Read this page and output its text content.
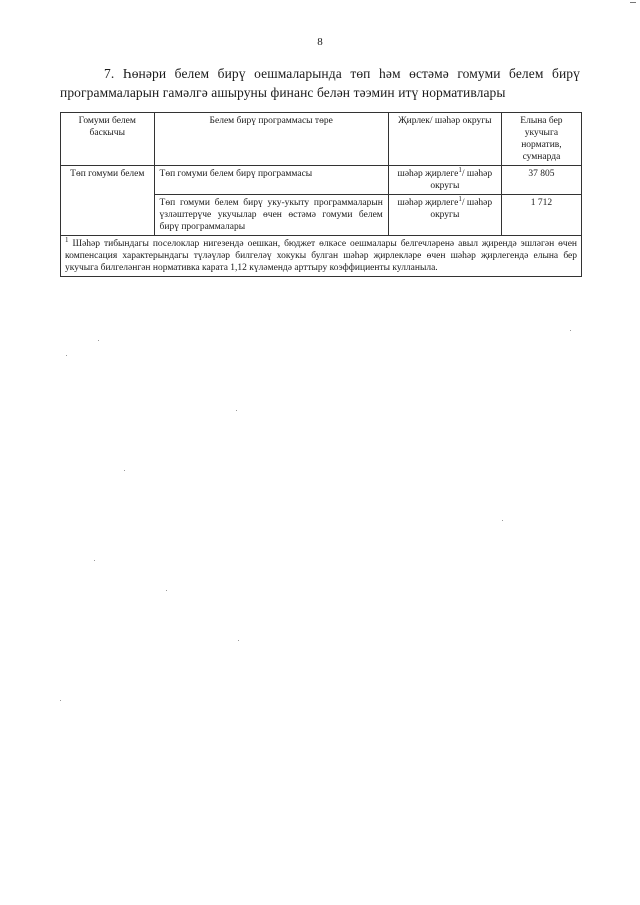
8
7. Һөнәри белем бирү оешмаларында төп һәм өстәмә гомуми белем бирү программаларын гамәлгә ашыруны финанс белән тәэмин итү нормативлары
Гомуми белем баскычы	Белем бирү программасы төре	Җирлек/ шәһәр округы	Елына бер укучыга норматив, сумнарда
Төп гомуми белем	Төп гомуми белем бирү программасы	шәһәр җирлеге$^1$/ шәһәр округы	37 805
	Төп гомуми белем бирү уку-укыту программаларын үзләштерүче укучылар өчен өстәмә гомуми белем бирү программалары	шәһәр җирлеге$^1$/ шәһәр округы	1 712
$^1$ Шәһәр тибындагы поселоклар нигезендә оешкан, бюджет өлкәсе оешмалары белгечләренә авыл җирендә эшләгән өчен компенсация характерындагы түләүләр билгеләү хокукы булган шәһәр җирлекләре өчен шәһәр җирлегендә елына бер укучыга билгеләнгән нормативка карата 1,12 күләмендә арттыру коэффициенты кулланыла.			
